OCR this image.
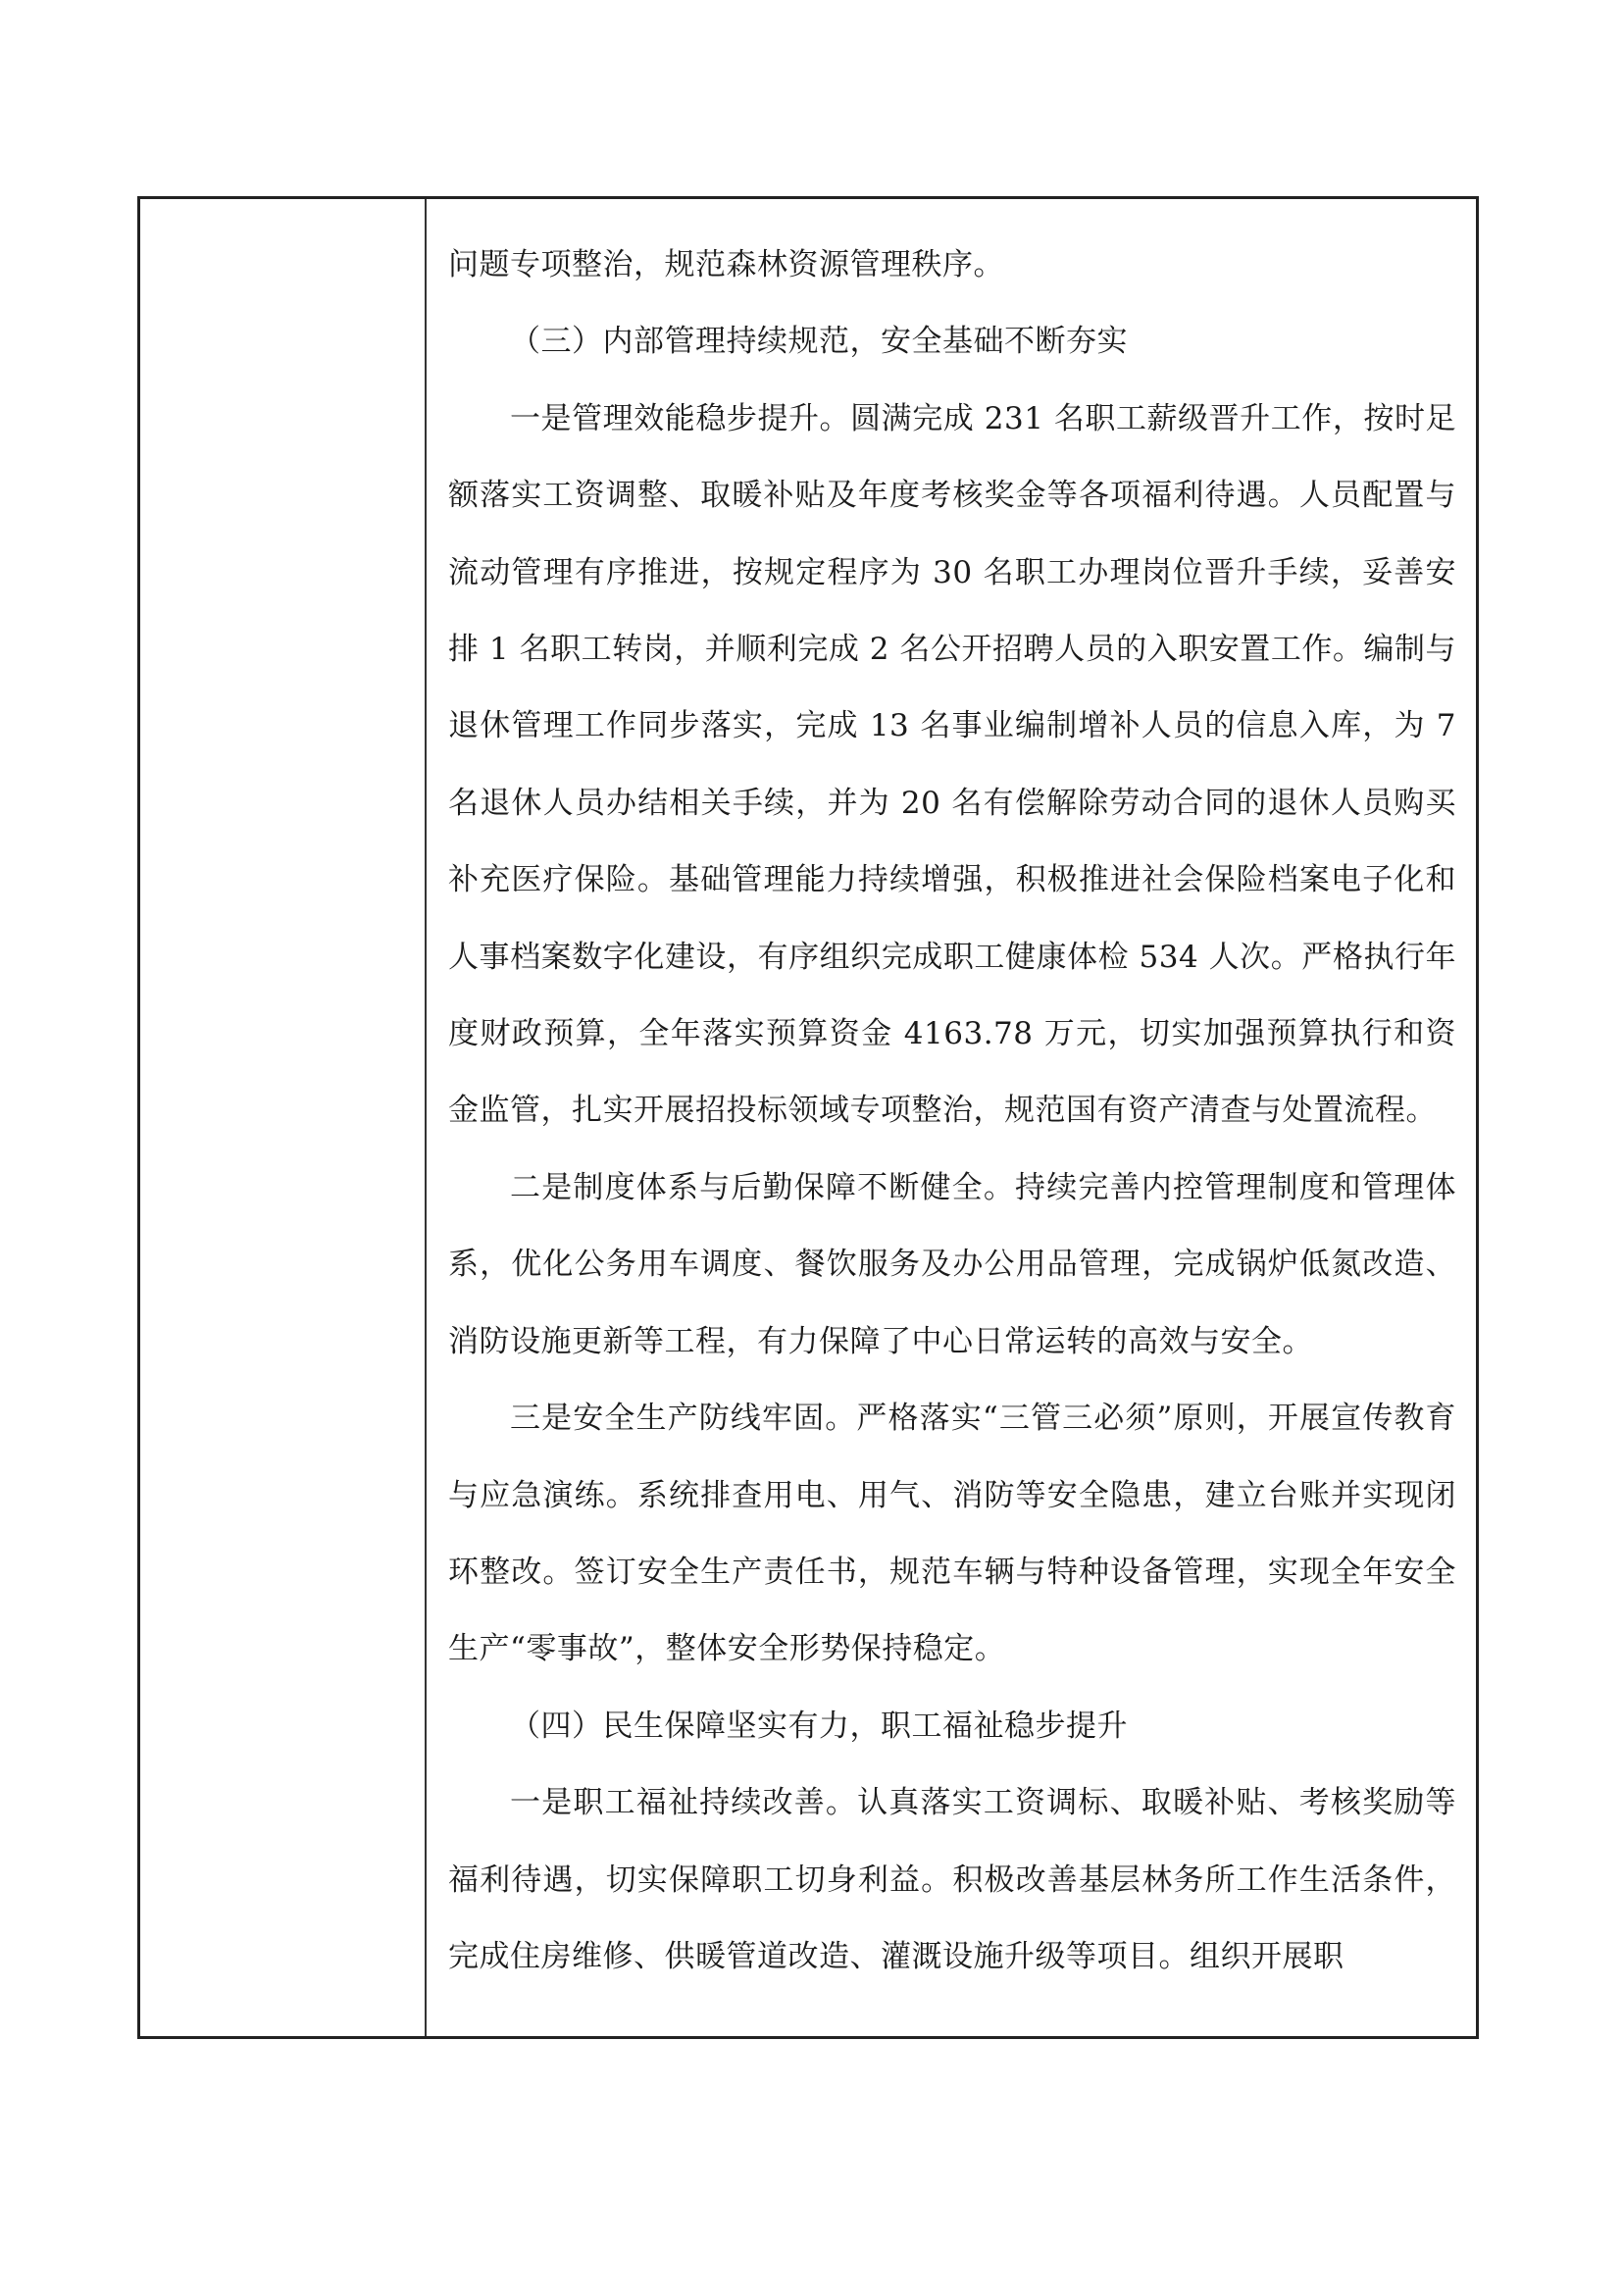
问题专项整治，规范森林资源管理秩序。

（三）内部管理持续规范，安全基础不断夯实

一是管理效能稳步提升。圆满完成 231 名职工薪级晋升工作，按时足额落实工资调整、取暖补贴及年度考核奖金等各项福利待遇。人员配置与流动管理有序推进，按规定程序为 30 名职工办理岗位晋升手续，妥善安排 1 名职工转岗，并顺利完成 2 名公开招聘人员的入职安置工作。编制与退休管理工作同步落实，完成 13 名事业编制增补人员的信息入库，为 7 名退休人员办结相关手续，并为 20 名有偿解除劳动合同的退休人员购买补充医疗保险。基础管理能力持续增强，积极推进社会保险档案电子化和人事档案数字化建设，有序组织完成职工健康体检 534 人次。严格执行年度财政预算，全年落实预算资金 4163.78 万元，切实加强预算执行和资金监管，扎实开展招投标领域专项整治，规范国有资产清查与处置流程。

二是制度体系与后勤保障不断健全。持续完善内控管理制度和管理体系，优化公务用车调度、餐饮服务及办公用品管理，完成锅炉低氮改造、消防设施更新等工程，有力保障了中心日常运转的高效与安全。

三是安全生产防线牢固。严格落实“三管三必须”原则，开展宣传教育与应急演练。系统排查用电、用气、消防等安全隐患，建立台账并实现闭环整改。签订安全生产责任书，规范车辆与特种设备管理，实现全年安全生产“零事故”，整体安全形势保持稳定。

（四）民生保障坚实有力，职工福祉稳步提升

一是职工福祉持续改善。认真落实工资调标、取暖补贴、考核奖励等福利待遇，切实保障职工切身利益。积极改善基层林务所工作生活条件，完成住房维修、供暖管道改造、灌溉设施升级等项目。组织开展职
